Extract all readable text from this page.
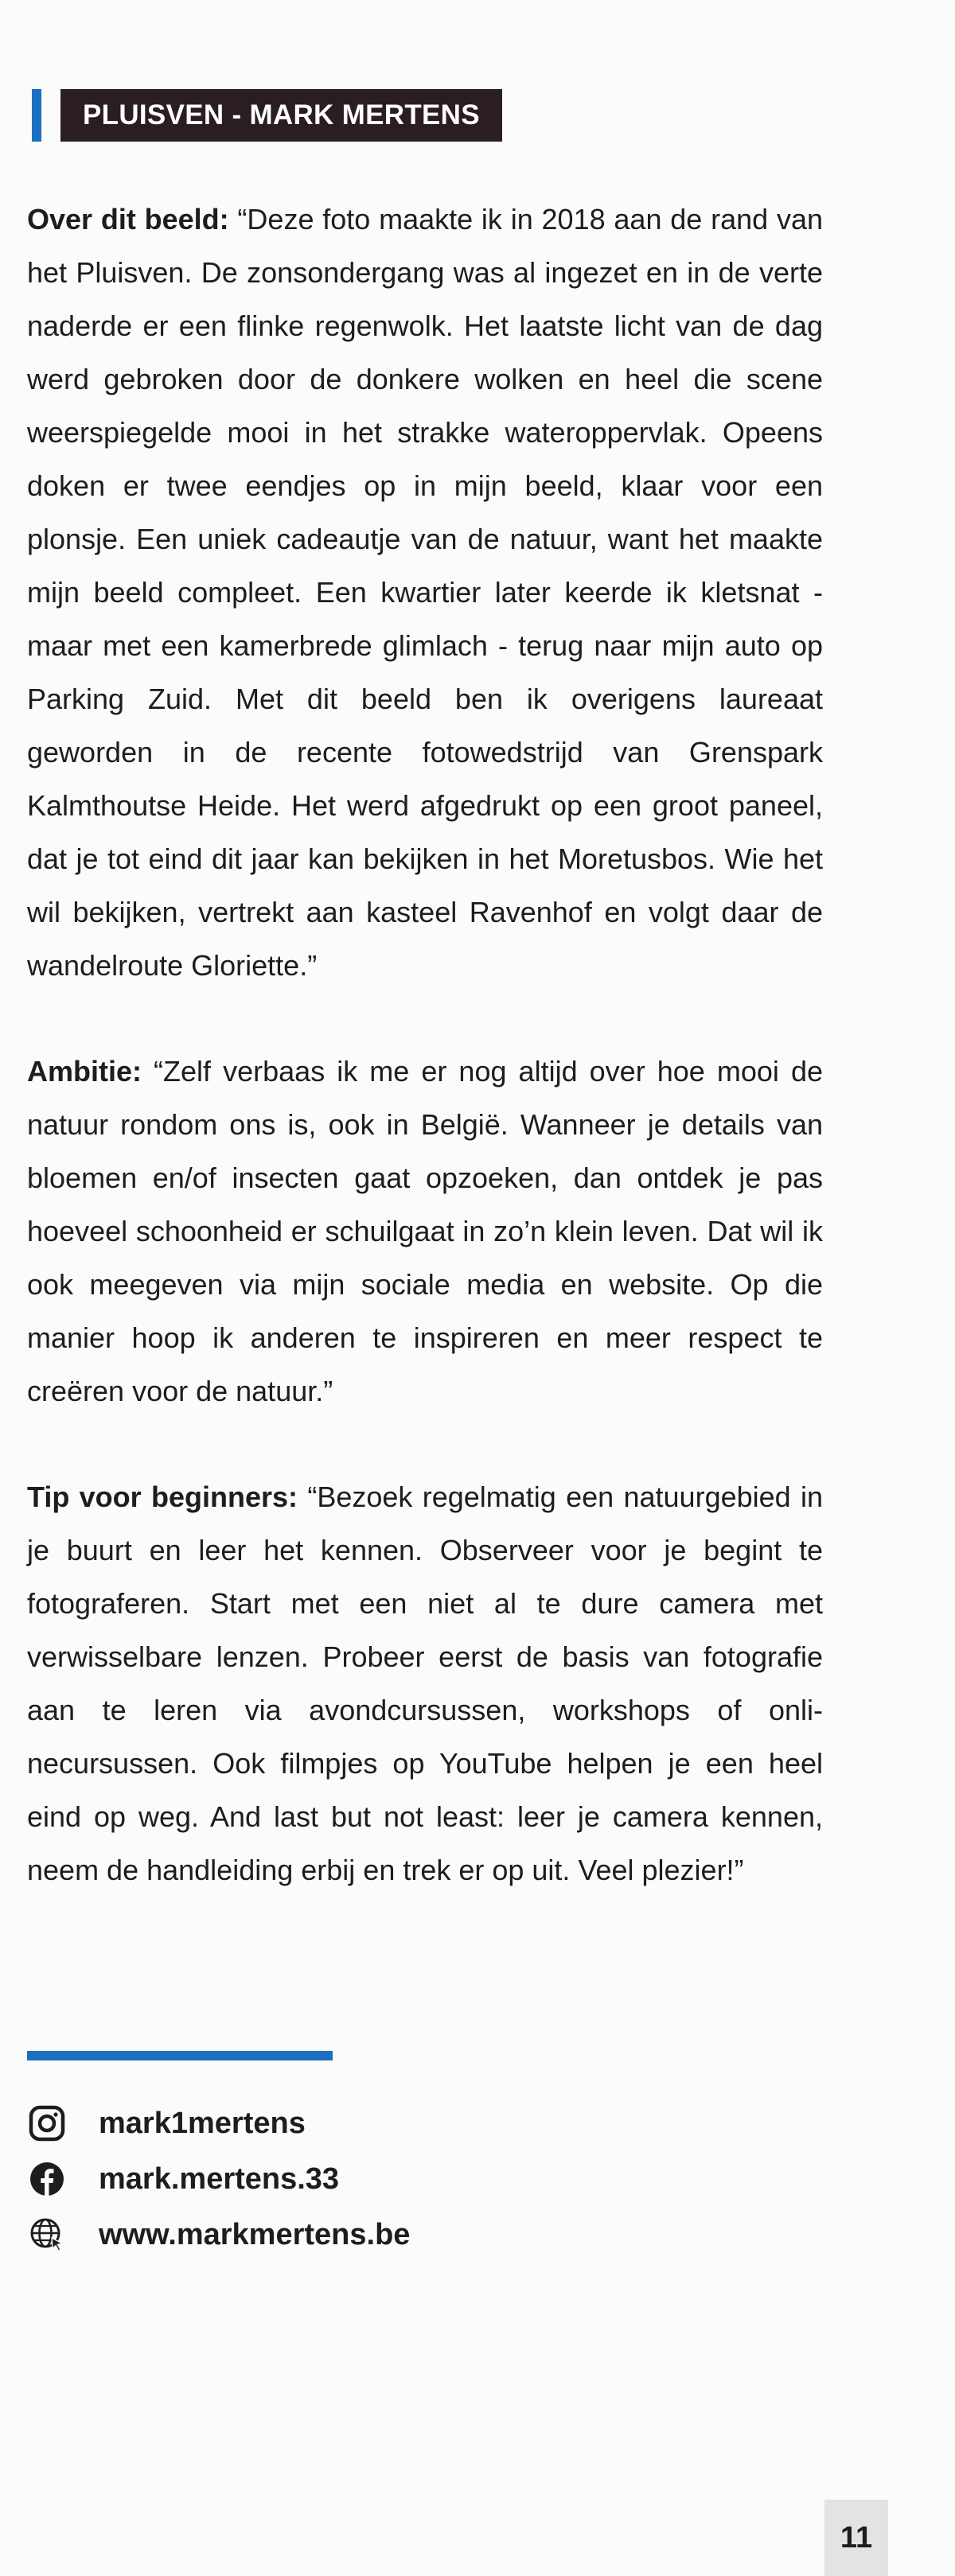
PLUISVEN - MARK MERTENS

Over dit beeld: “Deze foto maakte ik in 2018 aan de rand van het Pluisven. De zonsondergang was al ingezet en in de verte naderde er een flinke regenwolk. Het laatste licht van de dag werd gebroken door de donkere wolken en heel die scene weerspiegelde mooi in het strakke wateroppervlak. Opeens doken er twee eendjes op in mijn beeld, klaar voor een plonsje. Een uniek cadeautje van de natuur, want het maakte mijn beeld compleet. Een kwartier later keerde ik kletsnat - maar met een kamerbrede glimlach - terug naar mijn auto op Parking Zuid. Met dit beeld ben ik overigens laureaat geworden in de recente fotowedstrijd van Grenspark Kalmthoutse Heide. Het werd afgedrukt op een groot paneel, dat je tot eind dit jaar kan bekijken in het Moretusbos. Wie het wil bekijken, vertrekt aan kasteel Ravenhof en volgt daar de wandelroute Gloriette.”

Ambitie: “Zelf verbaas ik me er nog altijd over hoe mooi de natuur rondom ons is, ook in België. Wanneer je details van bloemen en/of insecten gaat opzoeken, dan ontdek je pas hoeveel schoonheid er schuilgaat in zo’n klein leven. Dat wil ik ook meegeven via mijn sociale media en website. Op die manier hoop ik anderen te inspireren en meer respect te creëren voor de natuur.”

Tip voor beginners: “Bezoek regelmatig een natuurgebied in je buurt en leer het kennen. Observeer voor je begint te fotograferen. Start met een niet al te dure camera met verwisselbare lenzen. Probeer eerst de basis van fotografie aan te leren via avondcursussen, workshops of onlinecursussen. Ook filmpjes op YouTube helpen je een heel eind op weg. And last but not least: leer je camera kennen, neem de handleiding erbij en trek er op uit. Veel plezier!”

mark1mertens
mark.mertens.33
www.markmertens.be
11
